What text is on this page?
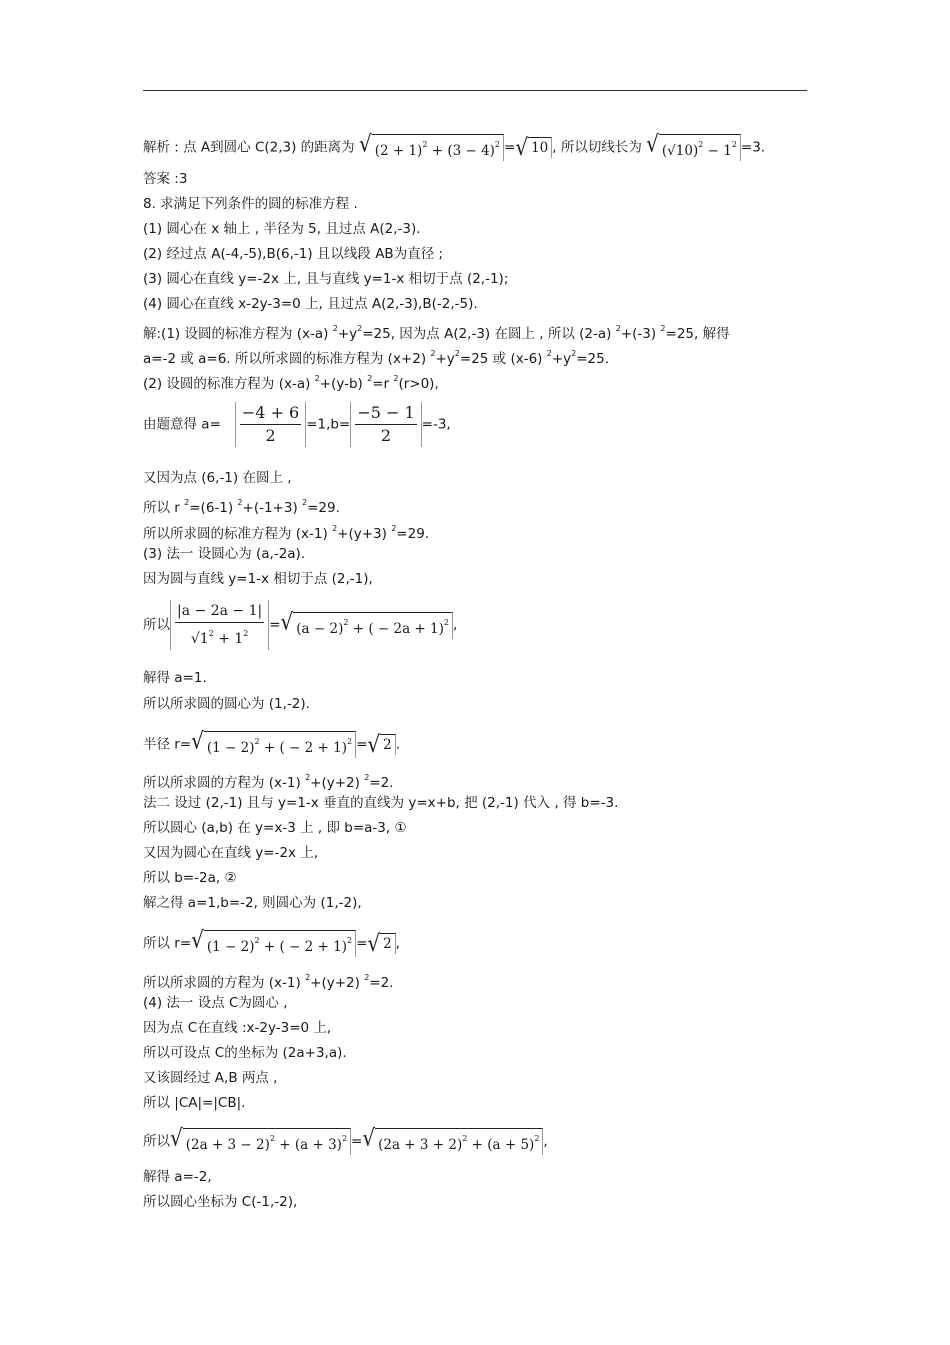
解析 : 点 A到圆心 C(2,3) 的距离为 √ $(2 + 1)^2 + (3 - 4)^2$ = √ 10 , 所以切线长为 √ $(√10)^2 - 1^2 =3$.
答案 :3
8. 求满足下列条件的圆的标准方程 .
(1) 圆心在 x 轴上 , 半径为 5, 且过点 A(2,-3).
(2) 经过点 A(-4,-5),B(6,-1) 且以线段 AB为直径 ;
(3) 圆心在直线 y=-2x 上, 且与直线 y=1-x 相切于点 (2,-1);
(4) 圆心在直线 x-2y-3=0 上, 且过点 A(2,-3),B(-2,-5).
解:(1) 设圆的标准方程为 (x-a) $^2+y^2=25$, 因为点 A(2,-3) 在圆上 , 所以 (2-a) $^2$+(-3) $^2$=25, 解得
a=-2 或 a=6. 所以所求圆的标准方程为 (x+2) $^2+y^2=25$ 或 (x-6) $^2+y^2=25$.
(2) 设圆的标准方程为 (x-a) $^2$+(y-b) $^2$=r $^2$(r>0),
由题意得 $a= \frac{-4 + 6}{2} =1,b= \frac{-5 - 1}{2} =-3$,
又因为点 (6,-1) 在圆上 ,
所以 r $^2$=(6-1) $^2$+(-1+3) $^2$=29.
所以所求圆的标准方程为 (x-1) $^2$+(y+3) $^2$=29.
(3) 法一 设圆心为 (a,-2a).
因为圆与直线 y=1-x 相切于点 (2,-1),
所以 $\frac{|a - 2a - 1|}{√1^2 + 1^2}$ = √ $(a - 2)^2$ + ( − 2a + 1)$^2$ ,
解得 a=1.
所以所求圆的圆心为 (1,-2).
半径 r= √ $(1 - 2)^2$ + ( − 2 + 1)$^2$ = √ 2 .
所以所求圆的方程为 (x-1) $^2$+(y+2) $^2$=2.
法二 设过 (2,-1) 且与 y=1-x 垂直的直线为 y=x+b, 把 (2,-1) 代入 , 得 b=-3.
所以圆心 (a,b) 在 y=x-3 上 , 即 b=a-3, ①
又因为圆心在直线 y=-2x 上,
所以 b=-2a, ②
解之得 a=1,b=-2, 则圆心为 (1,-2),
所以 r= √ $(1 - 2)^2$ + ( − 2 + 1)$^2$ = √ 2 ,
所以所求圆的方程为 (x-1) $^2$+(y+2) $^2$=2.
(4) 法一 设点 C为圆心 ,
因为点 C在直线 :x-2y-3=0 上,
所以可设点 C的坐标为 (2a+3,a).
又该圆经过 A,B 两点 ,
所以 |CA|=|CB|.
所以 √ $(2a + 3 - 2)^2 + (a + 3)^2$ = √ $(2a + 3 + 2)^2 + (a + 5)^2$ ,
解得 a=-2,
所以圆心坐标为 C(-1,-2),
